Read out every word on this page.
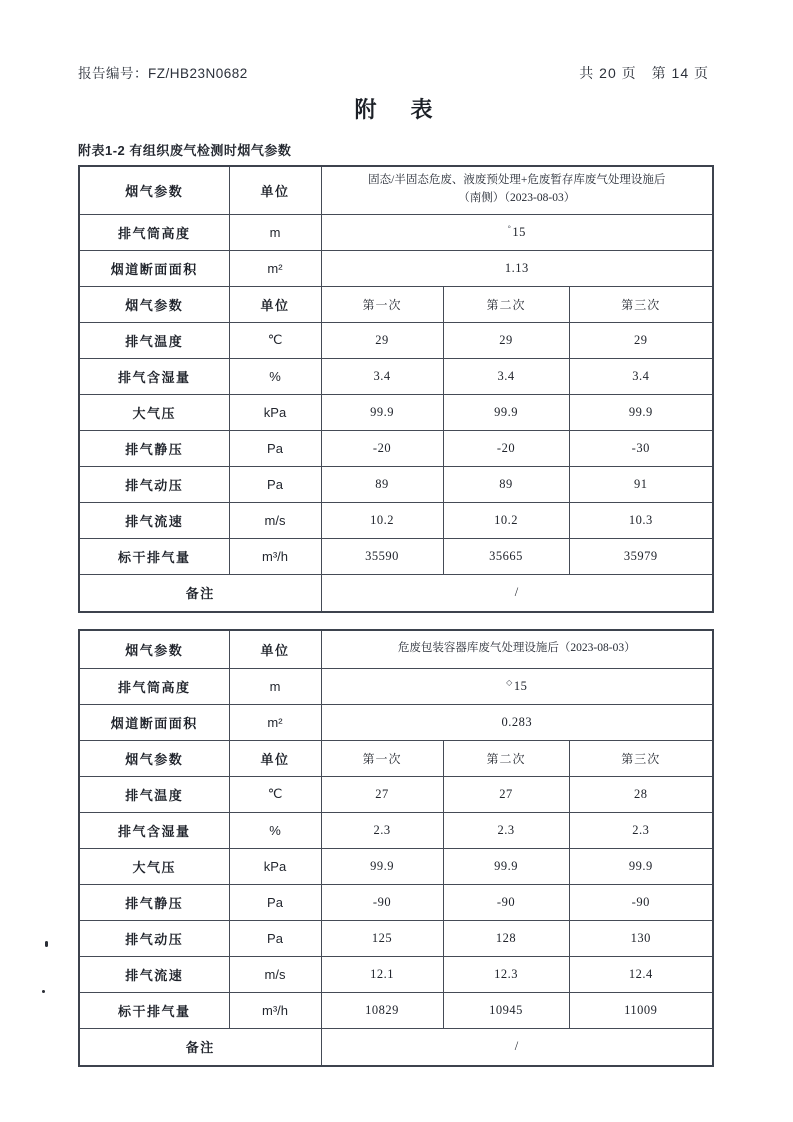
报告编号：FZ/HB23N0682	共 20 页　第 14 页
附　表
附表1-2 有组织废气检测时烟气参数
烟气参数	单位	固态/半固态危废、液废预处理+危废暂存库废气处理设施后
（南侧）（2023-08-03）		

排气筒高度	m	°15		
烟道断面面积	m²	1.13		
烟气参数	单位	第一次	第二次	第三次
排气温度	℃	29	29	29
排气含湿量	%	3.4	3.4	3.4
大气压	kPa	99.9	99.9	99.9
排气静压	Pa	-20	-20	-30
排气动压	Pa	89	89	91
排气流速	m/s	10.2	10.2	10.3
标干排气量	m³/h	35590	35665	35979
备注		/		
烟气参数	单位	危废包装容器库废气处理设施后（2023-08-03）		

排气筒高度	m	◇15		
烟道断面面积	m²	0.283		
烟气参数	单位	第一次	第二次	第三次
排气温度	℃	27	27	28
排气含湿量	%	2.3	2.3	2.3
大气压	kPa	99.9	99.9	99.9
排气静压	Pa	-90	-90	-90
排气动压	Pa	125	128	130
排气流速	m/s	12.1	12.3	12.4
标干排气量	m³/h	10829	10945	11009
备注		/		
